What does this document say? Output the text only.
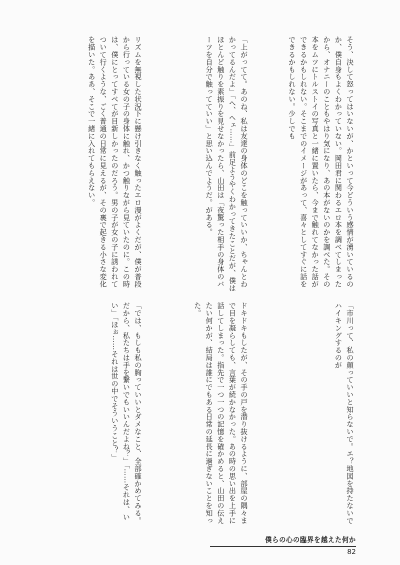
そう、決して怒ってはいないが、かといって今どういう感情が湧いているのか、僕自身もよくわかっていない。岡田君に関わるエロ本を調べてしまったから、オナニーのこともやはり気になり、あの本がないのかを調べた。その本をムツにトルストイの写真と一緒に置いたら、今まで触れてなかった話ができるかもしれない。そこまでのイメージがあって、喜々としてすぐに話をできるかもしれない。少しでも

「上がってて。あのね、私は友達の身体のどこを触っていいか、ちゃんとわかってるんだよ」「ヘ、ヘェ……」前足ようやくわかってきたことだが、僕はほとんど触りを素振りを見せなかったら、山田は「夜驚った相手の身体のバーツを自分で触ってていい」と思い込んでようだ。がある。

リズムを無視した状況下に懸け引きなく触ったエロ漫がよくだが、僕が普段から行っている女の子の身体に触れ、かつ触りながら見ていたのに。この時は、僕にとってすべてが目新しかったのだろう。男の子が女の子に誘われてついて行くような、ごく普通の日常に見えるが、その裏で起きる小さな変化を描いた。ああ、そこで一緒に入れてもらえない。

「市川って、私の顔っていいと知らないで。エ？地図を持たないでハイキングするのが

ドキドキもしたが、その手の戸を潜り抜けるように、部屋の隅々まで目を凝らしても、言葉が続かなかった。あの時の思い出を上手に話してしまった。指先で一つ一つの記憶を確かめると、山田の伝えたい何かが、結局は誰にでもある日常の延長に過ぎないことを知った。

「では、もしも私の胸っていいとダメなこと、全部確かめてみる。だから、私たちは手を繋いでもいいんだよね？」「……それは、いい」「ほぉ……それは世の中でそういうこと？」

僕らの心の臨界を越えた何か
82
